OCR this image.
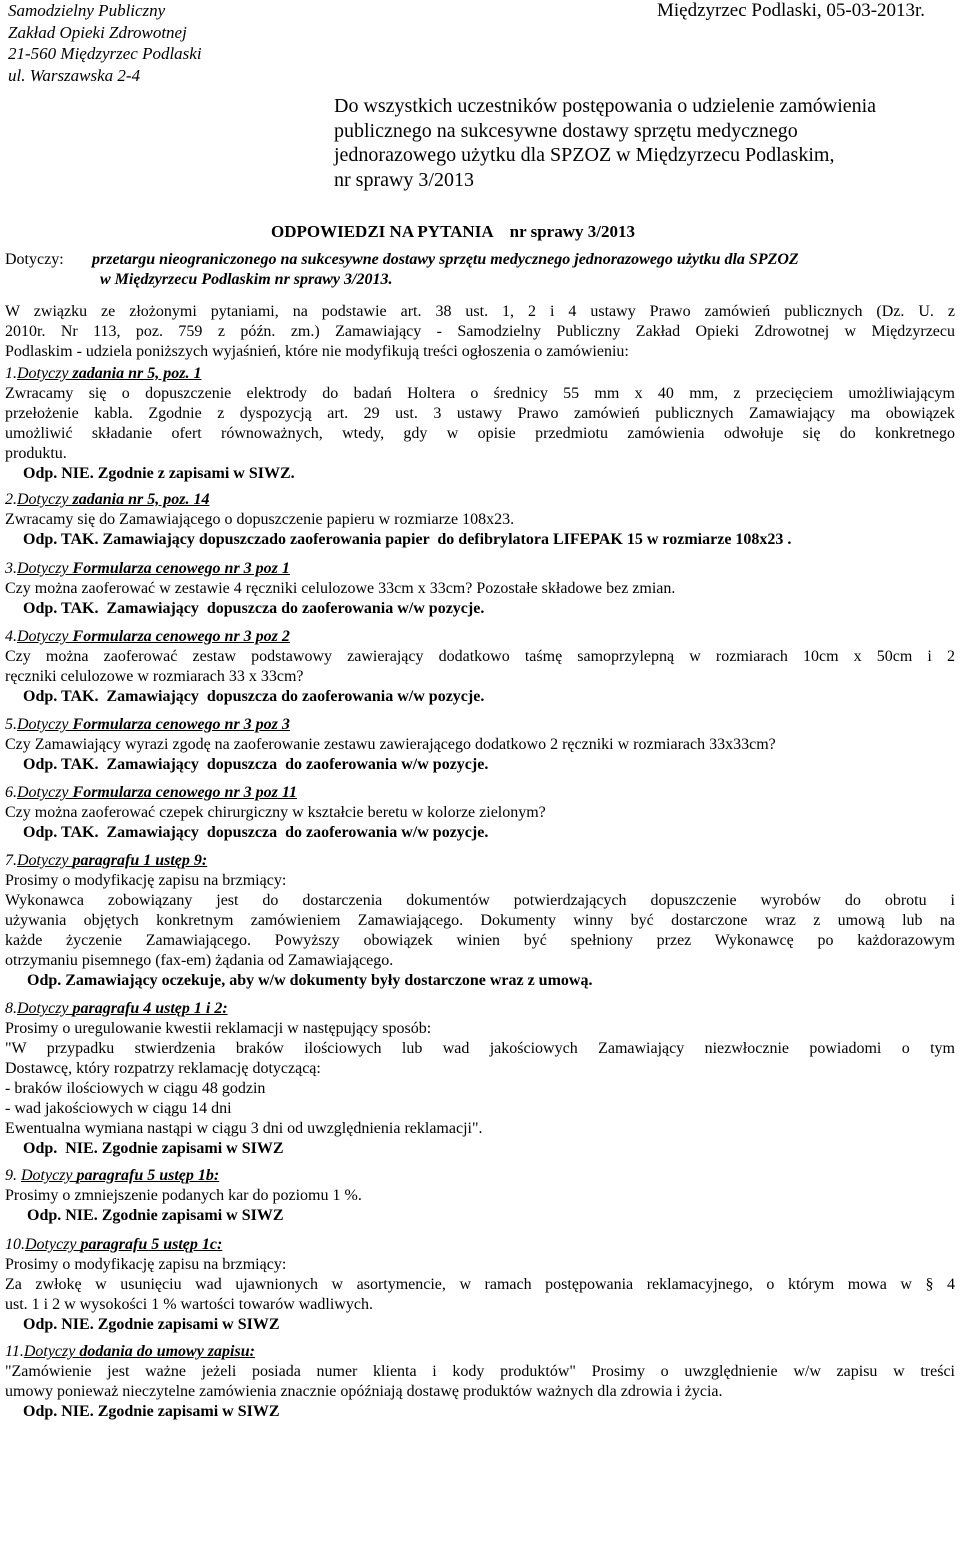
Samodzielny Publiczny
Zakład Opieki Zdrowotnej
21-560 Międzyrzec Podlaski
ul. Warszawska 2-4
Międzyrzec Podlaski, 05-03-2013r.
Do wszystkich uczestników postępowania o udzielenie zamówienia
publicznego na sukcesywne dostawy sprzętu medycznego
jednorazowego użytku dla SPZOZ w Międzyrzecu Podlaskim,
nr sprawy 3/2013
ODPOWIEDZI NA PYTANIA    nr sprawy 3/2013
Dotyczy: przetargu nieograniczonego na sukcesywne dostawy sprzętu medycznego jednorazowego użytku dla SPZOZ
w Międzyrzecu Podlaskim nr sprawy 3/2013.
W związku ze złożonymi pytaniami, na podstawie art. 38 ust. 1, 2 i 4 ustawy Prawo zamówień publicznych (Dz. U. z
2010r. Nr 113, poz. 759 z późn. zm.) Zamawiający - Samodzielny Publiczny Zakład Opieki Zdrowotnej w Międzyrzecu
Podlaskim - udziela poniższych wyjaśnień, które nie modyfikują treści ogłoszenia o zamówieniu:
1.Dotyczy zadania nr 5, poz. 1
Zwracamy się o dopuszczenie elektrody do badań Holtera o średnicy 55 mm x 40 mm, z przecięciem umożliwiającym
przełożenie kabla. Zgodnie z dyspozycją art. 29 ust. 3 ustawy Prawo zamówień publicznych Zamawiający ma obowiązek
umożliwić składanie ofert równoważnych, wtedy, gdy w opisie przedmiotu zamówienia odwołuje się do konkretnego
produktu.
Odp. NIE. Zgodnie z zapisami w SIWZ.
2.Dotyczy zadania nr 5, poz. 14
Zwracamy się do Zamawiającego o dopuszczenie papieru w rozmiarze 108x23.
Odp. TAK. Zamawiający dopuszczado zaoferowania papier  do defibrylatora LIFEPAK 15 w rozmiarze 108x23 .
3.Dotyczy Formularza cenowego nr 3 poz 1
Czy można zaoferować w zestawie 4 ręczniki celulozowe 33cm x 33cm? Pozostałe składowe bez zmian.
Odp. TAK.  Zamawiający  dopuszcza do zaoferowania w/w pozycje.
4.Dotyczy Formularza cenowego nr 3 poz 2
Czy można zaoferować zestaw podstawowy zawierający dodatkowo taśmę samoprzylepną w rozmiarach 10cm x 50cm i 2
ręczniki celulozowe w rozmiarach 33 x 33cm?
Odp. TAK.  Zamawiający  dopuszcza do zaoferowania w/w pozycje.
5.Dotyczy Formularza cenowego nr 3 poz 3
Czy Zamawiający wyrazi zgodę na zaoferowanie zestawu zawierającego dodatkowo 2 ręczniki w rozmiarach 33x33cm?
Odp. TAK.  Zamawiający  dopuszcza  do zaoferowania w/w pozycje.
6.Dotyczy Formularza cenowego nr 3 poz 11
Czy można zaoferować czepek chirurgiczny w kształcie beretu w kolorze zielonym?
Odp. TAK.  Zamawiający  dopuszcza  do zaoferowania w/w pozycje.
7.Dotyczy paragrafu 1 ustęp 9:
Prosimy o modyfikację zapisu na brzmiący:
Wykonawca zobowiązany jest do dostarczenia dokumentów potwierdzających dopuszczenie wyrobów do obrotu i
używania objętych konkretnym zamówieniem Zamawiającego. Dokumenty winny być dostarczone wraz z umową lub na
każde życzenie Zamawiającego. Powyższy obowiązek winien być spełniony przez Wykonawcę po każdorazowym
otrzymaniu pisemnego (fax-em) żądania od Zamawiającego.
Odp. Zamawiający oczekuje, aby w/w dokumenty były dostarczone wraz z umową.
8.Dotyczy paragrafu 4 ustęp 1 i 2:
Prosimy o uregulowanie kwestii reklamacji w następujący sposób:
"W przypadku stwierdzenia braków ilościowych lub wad jakościowych Zamawiający niezwłocznie powiadomi o tym
Dostawcę, który rozpatrzy reklamację dotyczącą:
- braków ilościowych w ciągu 48 godzin
- wad jakościowych w ciągu 14 dni
Ewentualna wymiana nastąpi w ciągu 3 dni od uwzględnienia reklamacji".
Odp.  NIE. Zgodnie zapisami w SIWZ
9. Dotyczy paragrafu 5 ustęp 1b:
Prosimy o zmniejszenie podanych kar do poziomu 1 %.
Odp. NIE. Zgodnie zapisami w SIWZ
10.Dotyczy paragrafu 5 ustęp 1c:
Prosimy o modyfikację zapisu na brzmiący:
Za zwłokę w usunięciu wad ujawnionych w asortymencie, w ramach postępowania reklamacyjnego, o którym mowa w § 4
ust. 1 i 2 w wysokości 1 % wartości towarów wadliwych.
Odp. NIE. Zgodnie zapisami w SIWZ
11.Dotyczy dodania do umowy zapisu:
"Zamówienie jest ważne jeżeli posiada numer klienta i kody produktów" Prosimy o uwzględnienie w/w zapisu w treści
umowy ponieważ nieczytelne zamówienia znacznie opóźniają dostawę produktów ważnych dla zdrowia i życia.
Odp. NIE. Zgodnie zapisami w SIWZ
